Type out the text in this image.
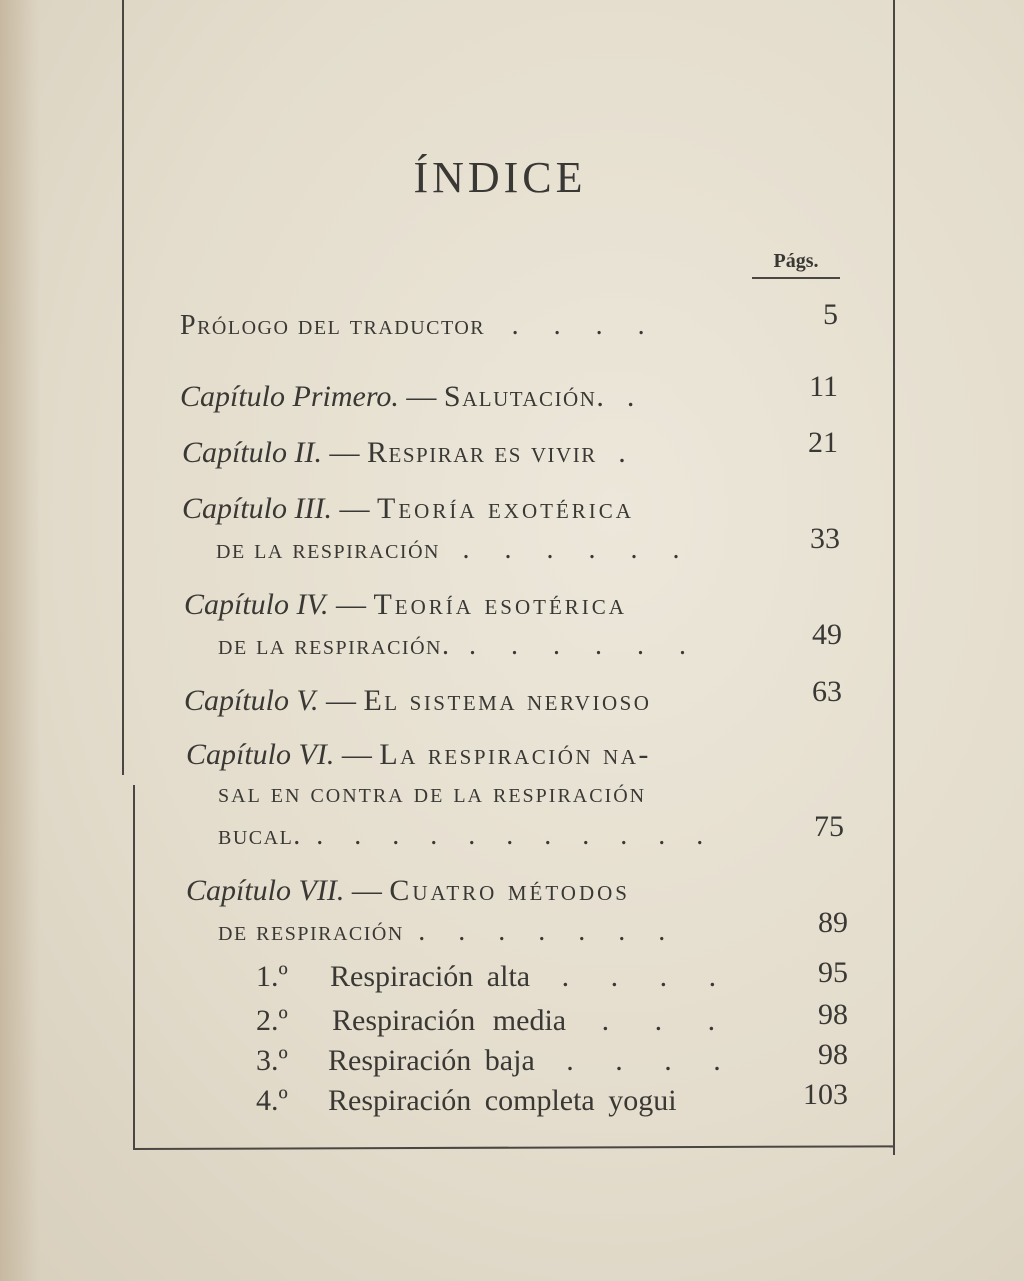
ÍNDICE
Págs.
Prólogo del traductor . . . .	5
Capítulo Primero. — Salutación. .	11
Capítulo II. — Respirar es vivir .	21
Capítulo III. — Teoría exotérica
de la respiración . . . . . .	33
Capítulo IV. — Teoría esotérica
de la respiración. . . . . . .	49
Capítulo V. — El sistema nervioso	63
Capítulo VI. — La respiración na-
sal en contra de la respiración
bucal. . . . . . . . . . . .	75
Capítulo VII. — Cuatro métodos
de respiración . . . . . . .	89
1.º Respiración alta . . . .	95
2.º Respiración media . . .	98
3.º Respiración baja . . . .	98
4.º Respiración completa yogui	103
